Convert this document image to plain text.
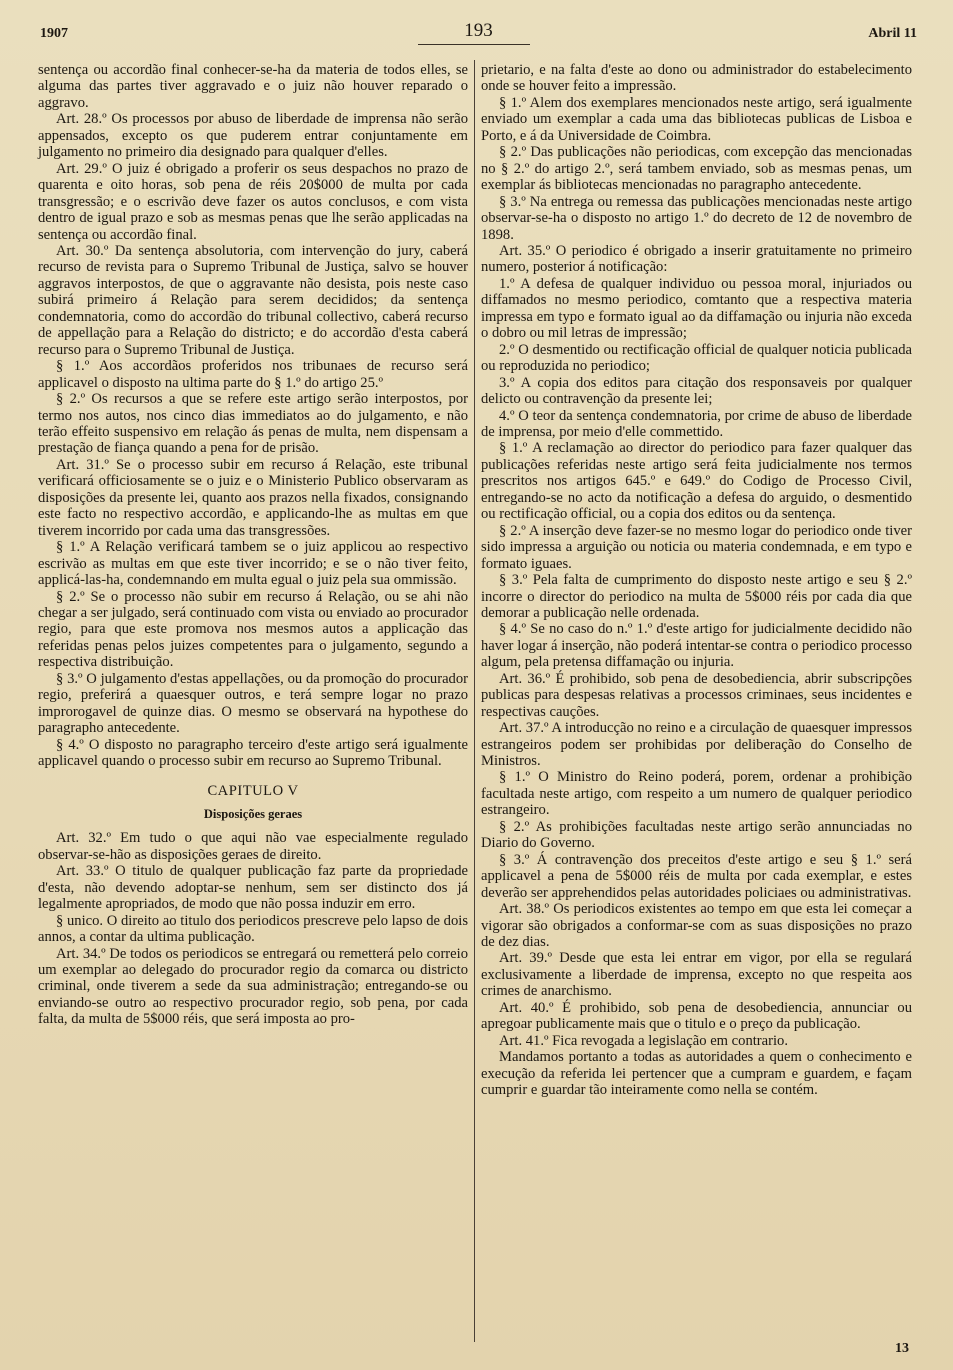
1907	193	Abril 11

sentença ou accordão final conhecer-se-ha da materia de todos elles, se alguma das partes tiver aggravado e o juiz não houver reparado o aggravo.

Art. 28.º Os processos por abuso de liberdade de imprensa não serão appensados, excepto os que puderem entrar conjuntamente em julgamento no primeiro dia designado para qualquer d'elles.

Art. 29.º O juiz é obrigado a proferir os seus despachos no prazo de quarenta e oito horas, sob pena de réis 20$000 de multa por cada transgressão; e o escrivão deve fazer os autos conclusos, e com vista dentro de igual prazo e sob as mesmas penas que lhe serão applicadas na sentença ou accordão final.

Art. 30.º Da sentença absolutoria, com intervenção do jury, caberá recurso de revista para o Supremo Tribunal de Justiça, salvo se houver aggravos interpostos, de que o aggravante não desista, pois neste caso subirá primeiro á Relação para serem decididos; da sentença condemnatoria, como do accordão do tribunal collectivo, caberá recurso de appellação para a Relação do districto; e do accordão d'esta caberá recurso para o Supremo Tribunal de Justiça.

§ 1.º Aos accordãos proferidos nos tribunaes de recurso será applicavel o disposto na ultima parte do § 1.º do artigo 25.º

§ 2.º Os recursos a que se refere este artigo serão interpostos, por termo nos autos, nos cinco dias immediatos ao do julgamento, e não terão effeito suspensivo em relação ás penas de multa, nem dispensam a prestação de fiança quando a pena for de prisão.

Art. 31.º Se o processo subir em recurso á Relação, este tribunal verificará officiosamente se o juiz e o Ministerio Publico observaram as disposições da presente lei, quanto aos prazos nella fixados, consignando este facto no respectivo accordão, e applicando-lhe as multas em que tiverem incorrido por cada uma das transgressões.

§ 1.º A Relação verificará tambem se o juiz applicou ao respectivo escrivão as multas em que este tiver incorrido; e se o não tiver feito, applicá-las-ha, condemnando em multa egual o juiz pela sua ommissão.

§ 2.º Se o processo não subir em recurso á Relação, ou se ahi não chegar a ser julgado, será continuado com vista ou enviado ao procurador regio, para que este promova nos mesmos autos a applicação das referidas penas pelos juizes competentes para o julgamento, segundo a respectiva distribuição.

§ 3.º O julgamento d'estas appellações, ou da promoção do procurador regio, preferirá a quaesquer outros, e terá sempre logar no prazo improrogavel de quinze dias. O mesmo se observará na hypothese do paragrapho antecedente.

§ 4.º O disposto no paragrapho terceiro d'este artigo será igualmente applicavel quando o processo subir em recurso ao Supremo Tribunal.

CAPITULO V
Disposições geraes

Art. 32.º Em tudo o que aqui não vae especialmente regulado observar-se-hão as disposições geraes de direito.

Art. 33.º O titulo de qualquer publicação faz parte da propriedade d'esta, não devendo adoptar-se nenhum, sem ser distincto dos já legalmente apropriados, de modo que não possa induzir em erro.

§ unico. O direito ao titulo dos periodicos prescreve pelo lapso de dois annos, a contar da ultima publicação.

Art. 34.º De todos os periodicos se entregará ou remetterá pelo correio um exemplar ao delegado do procurador regio da comarca ou districto criminal, onde tiverem a sede da sua administração; entregando-se ou enviando-se outro ao respectivo procurador regio, sob pena, por cada falta, da multa de 5$000 réis, que será imposta ao pro-

prietario, e na falta d'este ao dono ou administrador do estabelecimento onde se houver feito a impressão.

§ 1.º Alem dos exemplares mencionados neste artigo, será igualmente enviado um exemplar a cada uma das bibliotecas publicas de Lisboa e Porto, e á da Universidade de Coimbra.

§ 2.º Das publicações não periodicas, com excepção das mencionadas no § 2.º do artigo 2.º, será tambem enviado, sob as mesmas penas, um exemplar ás bibliotecas mencionadas no paragrapho antecedente.

§ 3.º Na entrega ou remessa das publicações mencionadas neste artigo observar-se-ha o disposto no artigo 1.º do decreto de 12 de novembro de 1898.

Art. 35.º O periodico é obrigado a inserir gratuitamente no primeiro numero, posterior á notificação:

1.º A defesa de qualquer individuo ou pessoa moral, injuriados ou diffamados no mesmo periodico, comtanto que a respectiva materia impressa em typo e formato igual ao da diffamação ou injuria não exceda o dobro ou mil letras de impressão;

2.º O desmentido ou rectificação official de qualquer noticia publicada ou reproduzida no periodico;

3.º A copia dos editos para citação dos responsaveis por qualquer delicto ou contravenção da presente lei;

4.º O teor da sentença condemnatoria, por crime de abuso de liberdade de imprensa, por meio d'elle commettido.

§ 1.º A reclamação ao director do periodico para fazer qualquer das publicações referidas neste artigo será feita judicialmente nos termos prescritos nos artigos 645.º e 649.º do Codigo de Processo Civil, entregando-se no acto da notificação a defesa do arguido, o desmentido ou rectificação official, ou a copia dos editos ou da sentença.

§ 2.º A inserção deve fazer-se no mesmo logar do periodico onde tiver sido impressa a arguição ou noticia ou materia condemnada, e em typo e formato iguaes.

§ 3.º Pela falta de cumprimento do disposto neste artigo e seu § 2.º incorre o director do periodico na multa de 5$000 réis por cada dia que demorar a publicação nelle ordenada.

§ 4.º Se no caso do n.º 1.º d'este artigo for judicialmente decidido não haver logar á inserção, não poderá intentar-se contra o periodico processo algum, pela pretensa diffamação ou injuria.

Art. 36.º É prohibido, sob pena de desobediencia, abrir subscripções publicas para despesas relativas a processos criminaes, seus incidentes e respectivas cauções.

Art. 37.º A introducção no reino e a circulação de quaesquer impressos estrangeiros podem ser prohibidas por deliberação do Conselho de Ministros.

§ 1.º O Ministro do Reino poderá, porem, ordenar a prohibição facultada neste artigo, com respeito a um numero de qualquer periodico estrangeiro.

§ 2.º As prohibições facultadas neste artigo serão annunciadas no Diario do Governo.

§ 3.º Á contravenção dos preceitos d'este artigo e seu § 1.º será applicavel a pena de 5$000 réis de multa por cada exemplar, e estes deverão ser apprehendidos pelas autoridades policiaes ou administrativas.

Art. 38.º Os periodicos existentes ao tempo em que esta lei começar a vigorar são obrigados a conformar-se com as suas disposições no prazo de dez dias.

Art. 39.º Desde que esta lei entrar em vigor, por ella se regulará exclusivamente a liberdade de imprensa, excepto no que respeita aos crimes de anarchismo.

Art. 40.º É prohibido, sob pena de desobediencia, annunciar ou apregoar publicamente mais que o titulo e o preço da publicação.

Art. 41.º Fica revogada a legislação em contrario.

Mandamos portanto a todas as autoridades a quem o conhecimento e execução da referida lei pertencer que a cumpram e guardem, e façam cumprir e guardar tão inteiramente como nella se contém.

13
